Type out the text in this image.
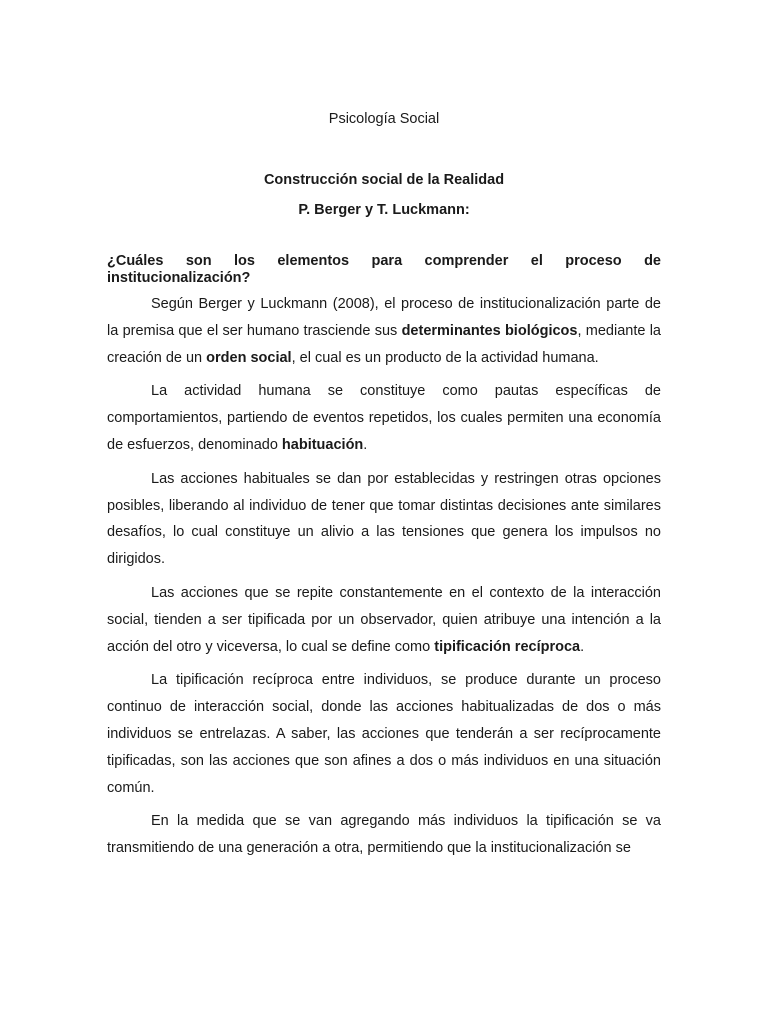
Psicología Social
Construcción social de la Realidad
P. Berger y T. Luckmann:
¿Cuáles son los elementos para comprender el proceso de
institucionalización?

Según Berger y Luckmann (2008), el proceso de institucionalización parte de la premisa que el ser humano trasciende sus determinantes biológicos, mediante la creación de un orden social, el cual es un producto de la actividad humana.

La actividad humana se constituye como pautas específicas de comportamientos, partiendo de eventos repetidos, los cuales permiten una economía de esfuerzos, denominado habituación.

Las acciones habituales se dan por establecidas y restringen otras opciones posibles, liberando al individuo de tener que tomar distintas decisiones ante similares desafíos, lo cual constituye un alivio a las tensiones que genera los impulsos no dirigidos.

Las acciones que se repite constantemente en el contexto de la interacción social, tienden a ser tipificada por un observador, quien atribuye una intención a la acción del otro y viceversa, lo cual se define como tipificación recíproca.

La tipificación recíproca entre individuos, se produce durante un proceso continuo de interacción social, donde las acciones habitualizadas de dos o más individuos se entrelazas. A saber, las acciones que tenderán a ser recíprocamente tipificadas, son las acciones que son afines a dos o más individuos en una situación común.

En la medida que se van agregando más individuos la tipificación se va transmitiendo de una generación a otra, permitiendo que la institucionalización se
